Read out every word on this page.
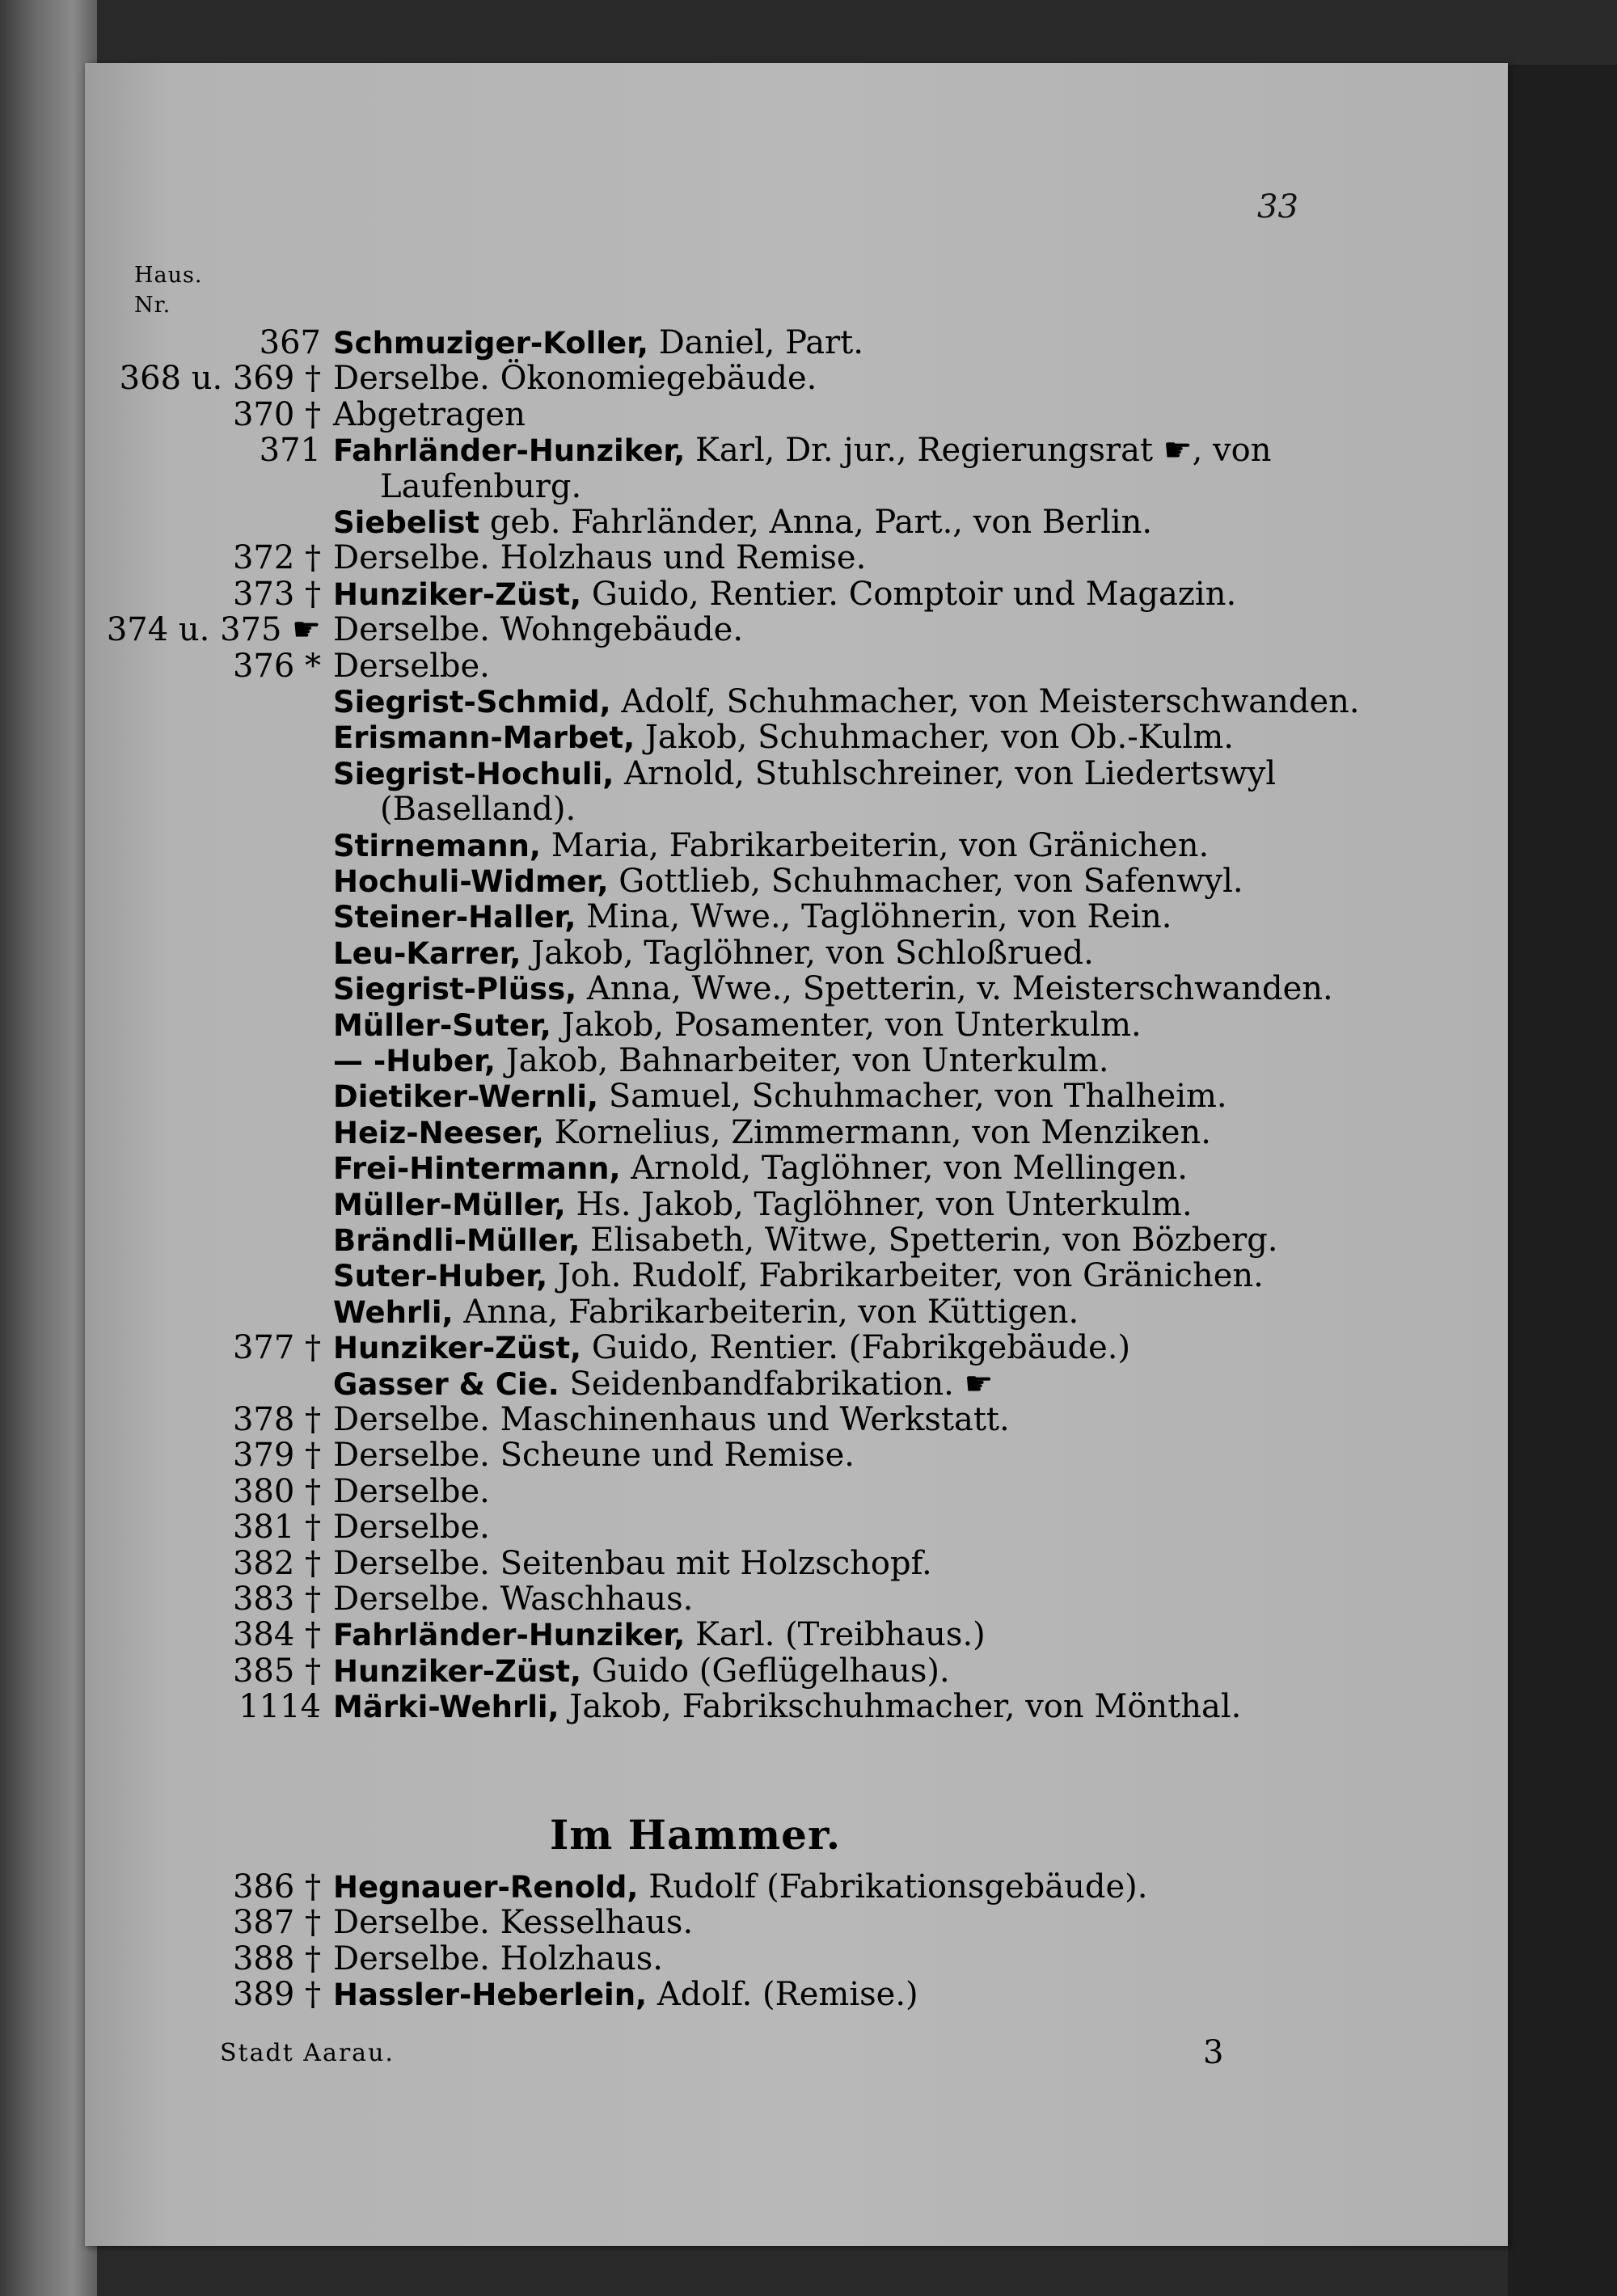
33
Haus.
Nr.
367 Schmuziger-Koller, Daniel, Part.
368 u. 369 † Derselbe. Ökonomiegebäude.
370 † Abgetragen
371 Fahrländer-Hunziker, Karl, Dr. jur., Regierungsrat ☛, von
Laufenburg.
Siebelist geb. Fahrländer, Anna, Part., von Berlin.
372 † Derselbe. Holzhaus und Remise.
373 † Hunziker-Züst, Guido, Rentier. Comptoir und Magazin.
374 u. 375 ☛ Derselbe. Wohngebäude.
376 * Derselbe.
Siegrist-Schmid, Adolf, Schuhmacher, von Meisterschwanden.
Erismann-Marbet, Jakob, Schuhmacher, von Ob.-Kulm.
Siegrist-Hochuli, Arnold, Stuhlschreiner, von Liedertswyl
(Baselland).
Stirnemann, Maria, Fabrikarbeiterin, von Gränichen.
Hochuli-Widmer, Gottlieb, Schuhmacher, von Safenwyl.
Steiner-Haller, Mina, Wwe., Taglöhnerin, von Rein.
Leu-Karrer, Jakob, Taglöhner, von Schloßrued.
Siegrist-Plüss, Anna, Wwe., Spetterin, v. Meisterschwanden.
Müller-Suter, Jakob, Posamenter, von Unterkulm.
— -Huber, Jakob, Bahnarbeiter, von Unterkulm.
Dietiker-Wernli, Samuel, Schuhmacher, von Thalheim.
Heiz-Neeser, Kornelius, Zimmermann, von Menziken.
Frei-Hintermann, Arnold, Taglöhner, von Mellingen.
Müller-Müller, Hs. Jakob, Taglöhner, von Unterkulm.
Brändli-Müller, Elisabeth, Witwe, Spetterin, von Bözberg.
Suter-Huber, Joh. Rudolf, Fabrikarbeiter, von Gränichen.
Wehrli, Anna, Fabrikarbeiterin, von Küttigen.
377 † Hunziker-Züst, Guido, Rentier. (Fabrikgebäude.)
Gasser & Cie. Seidenbandfabrikation. ☛
378 † Derselbe. Maschinenhaus und Werkstatt.
379 † Derselbe. Scheune und Remise.
380 † Derselbe.
381 † Derselbe.
382 † Derselbe. Seitenbau mit Holzschopf.
383 † Derselbe. Waschhaus.
384 † Fahrländer-Hunziker, Karl. (Treibhaus.)
385 † Hunziker-Züst, Guido (Geflügelhaus).
1114 Märki-Wehrli, Jakob, Fabrikschuhmacher, von Mönthal.
Im Hammer.
386 † Hegnauer-Renold, Rudolf (Fabrikationsgebäude).
387 † Derselbe. Kesselhaus.
388 † Derselbe. Holzhaus.
389 † Hassler-Heberlein, Adolf. (Remise.)
Stadt Aarau.	3
